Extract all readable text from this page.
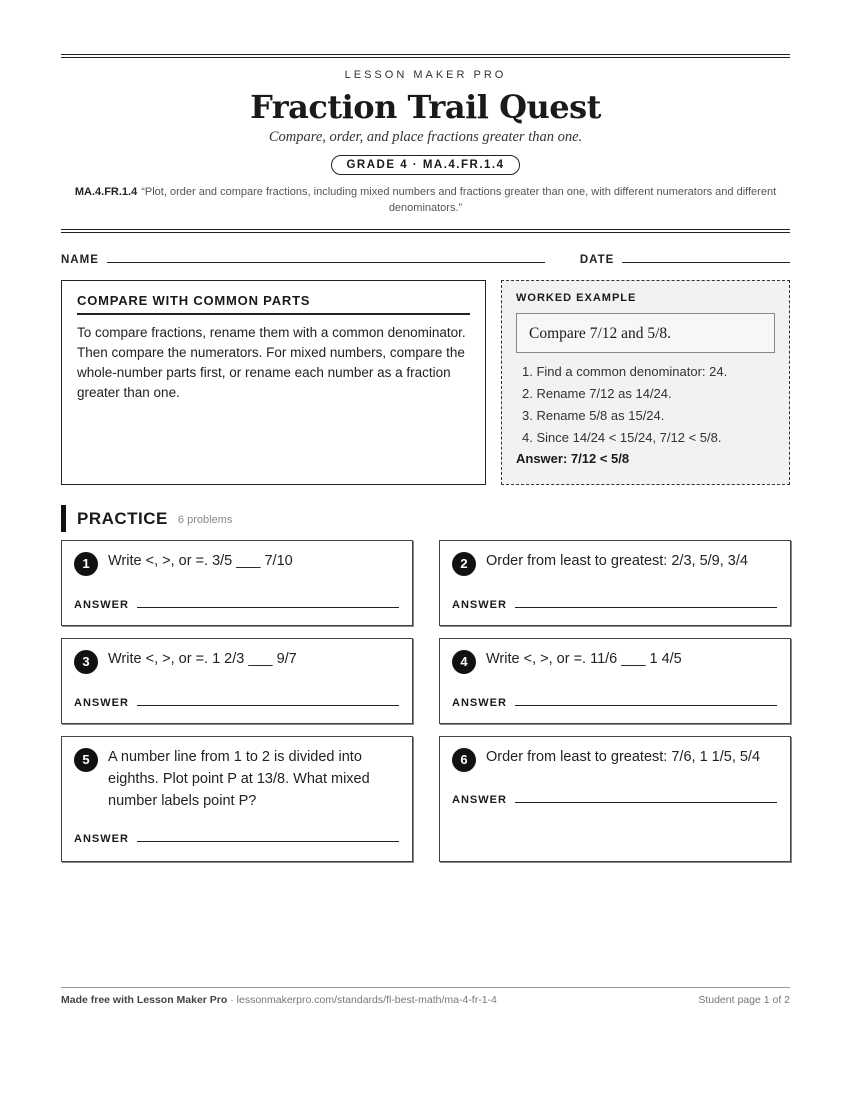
LESSON MAKER PRO
Fraction Trail Quest
Compare, order, and place fractions greater than one.
GRADE 4 · MA.4.FR.1.4
MA.4.FR.1.4 “Plot, order and compare fractions, including mixed numbers and fractions greater than one, with different numerators and different denominators.”
NAME	DATE
COMPARE WITH COMMON PARTS
To compare fractions, rename them with a common denominator. Then compare the numerators. For mixed numbers, compare the whole-number parts first, or rename each number as a fraction greater than one.
WORKED EXAMPLE
Compare 7/12 and 5/8.
1. Find a common denominator: 24.
2. Rename 7/12 as 14/24.
3. Rename 5/8 as 15/24.
4. Since 14/24 < 15/24, 7/12 < 5/8.
Answer: 7/12 < 5/8
PRACTICE 6 problems
1	Write <, >, or =. 3/5 ___ 7/10
ANSWER
2	Order from least to greatest: 2/3, 5/9, 3/4
ANSWER
3	Write <, >, or =. 1 2/3 ___ 9/7
ANSWER
4	Write <, >, or =. 11/6 ___ 1 4/5
ANSWER
5	A number line from 1 to 2 is divided into eighths. Plot point P at 13/8. What mixed number labels point P?
ANSWER
6	Order from least to greatest: 7/6, 1 1/5, 5/4
ANSWER
Made free with Lesson Maker Pro · lessonmakerpro.com/standards/fl-best-math/ma-4-fr-1-4	Student page 1 of 2
